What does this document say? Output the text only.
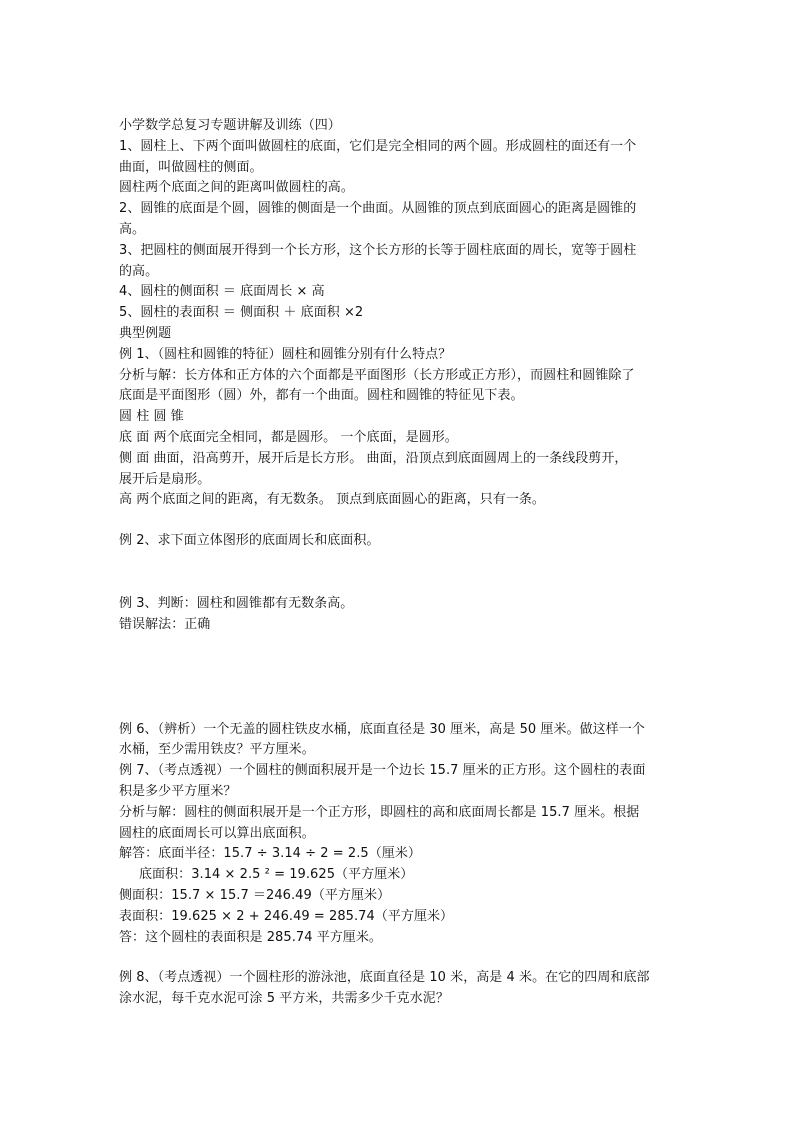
小学数学总复习专题讲解及训练（四）

1、圆柱上、下两个面叫做圆柱的底面，它们是完全相同的两个圆。形成圆柱的面还有一个

曲面，叫做圆柱的侧面。

圆柱两个底面之间的距离叫做圆柱的高。

2、圆锥的底面是个圆，圆锥的侧面是一个曲面。从圆锥的顶点到底面圆心的距离是圆锥的

高。

3、把圆柱的侧面展开得到一个长方形，这个长方形的长等于圆柱底面的周长，宽等于圆柱

的高。

4、圆柱的侧面积 ＝ 底面周长 × 高

5、圆柱的表面积 ＝ 侧面积 ＋ 底面积 ×2

典型例题

例 1、（圆柱和圆锥的特征）圆柱和圆锥分别有什么特点？

分析与解：长方体和正方体的六个面都是平面图形（长方形或正方形），而圆柱和圆锥除了

底面是平面图形（圆）外，都有一个曲面。圆柱和圆锥的特征见下表。

圆 柱 圆 锥

底 面 两个底面完全相同，都是圆形。 一个底面，是圆形。

侧 面 曲面，沿高剪开，展开后是长方形。 曲面，沿顶点到底面圆周上的一条线段剪开，

展开后是扇形。

高 两个底面之间的距离，有无数条。 顶点到底面圆心的距离，只有一条。

例 2、求下面立体图形的底面周长和底面积。

例 3、判断：圆柱和圆锥都有无数条高。

错误解法：正确

例 6、（辨析）一个无盖的圆柱铁皮水桶，底面直径是 30 厘米，高是 50 厘米。做这样一个

水桶，至少需用铁皮？平方厘米。

例 7、（考点透视）一个圆柱的侧面积展开是一个边长 15.7 厘米的正方形。这个圆柱的表面

积是多少平方厘米？

分析与解：圆柱的侧面积展开是一个正方形，即圆柱的高和底面周长都是 15.7 厘米。根据

圆柱的底面周长可以算出底面积。

解答：底面半径：15.7 ÷ 3.14 ÷ 2 = 2.5（厘米）

底面积：3.14 × 2.5 ² = 19.625（平方厘米）

侧面积：15.7 × 15.7 ＝246.49（平方厘米）

表面积：19.625 × 2 + 246.49 = 285.74（平方厘米）

答：这个圆柱的表面积是 285.74 平方厘米。

例 8、（考点透视）一个圆柱形的游泳池，底面直径是 10 米，高是 4 米。在它的四周和底部

涂水泥，每千克水泥可涂 5 平方米，共需多少千克水泥？
